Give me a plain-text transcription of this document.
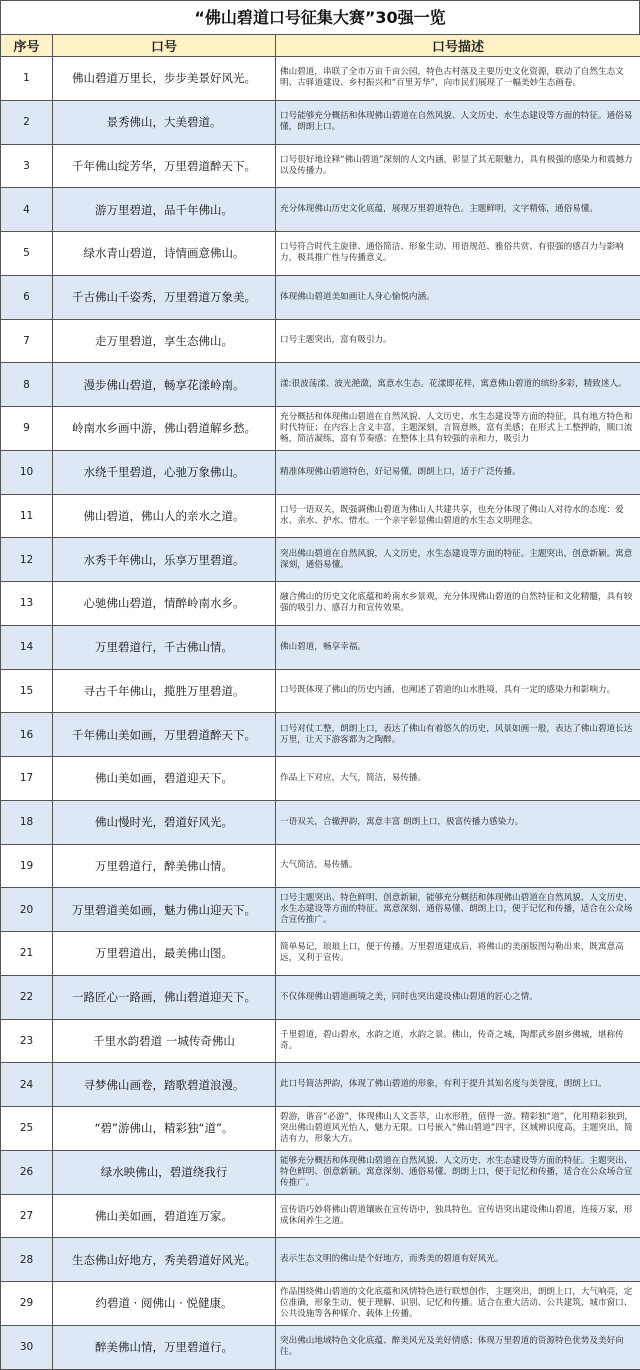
“佛山碧道口号征集大赛”30强一览
序号	口号	口号描述
1	佛山碧道万里长，步步美景好风光。	佛山碧道，串联了全市万亩千亩公园，特色古村落及主要历史文化资源，联动了自然生态文明、古驿道建设、乡村振兴和“百里芳华”，向市民们展现了一幅美妙生态画卷。
2	景秀佛山，大美碧道。	口号能够充分概括和体现佛山碧道在自然风貌、人文历史、水生态建设等方面的特征。通俗易懂，朗朗上口。
3	千年佛山绽芳华，万里碧道醉天下。	口号很好地诠释“佛山碧道”深刻的人文内涵，彰显了其无限魅力，具有极强的感染力和震撼力以及传播力。
4	游万里碧道，品千年佛山。	充分体现佛山历史文化底蕴，展现万里碧道特色。主题鲜明，文字精炼，通俗易懂。
5	绿水青山碧道，诗情画意佛山。	口号符合时代主旋律、通俗简洁、形象生动、用语规范、雅俗共赏、有很强的感召力与影响力，极具推广性与传播意义。
6	千古佛山千姿秀，万里碧道万象美。	体现佛山碧道美如画让人身心愉悦内涵。
7	走万里碧道，享生态佛山。	口号主题突出，富有吸引力。
8	漫步佛山碧道，畅享花漾岭南。	漾:很波荡漾、波光滟潋，寓意水生态。花漾即花样，寓意佛山碧道的缤纷多彩，精致迷人。
9	岭南水乡画中游，佛山碧道解乡愁。	充分概括和体现佛山碧道在自然风貌、人文历史、水生态建设等方面的特征，具有地方特色和时代特征；在内容上含义丰富，主题深刻，言简意赅，富有美感；在形式上工整押韵，顺口流畅，简洁凝练，富有节奏感；在整体上具有较强的亲和力，吸引力
10	水绕千里碧道，心驰万象佛山。	精准体现佛山碧道特色，好记易懂，朗朗上口，适于广泛传播。
11	佛山碧道，佛山人的亲水之道。	口号一语双关，既强调佛山碧道为佛山人共建共享，也充分体现了佛山人对待水的态度：爱水、亲水、护水、惜水。一个亲字彰显佛山碧道的水生态文明理念。
12	水秀千年佛山，乐享万里碧道。	突出佛山碧道在自然风貌，人文历史，水生态建设等方面的特征。主题突出，创意新颖。寓意深刻，通俗易懂。
13	心驰佛山碧道，情醉岭南水乡。	融合佛山的历史文化底蕴和岭南水乡景观，充分体现佛山碧道的自然特征和文化精髓，具有较强的吸引力、感召力和宣传效果。
14	万里碧道行，千古佛山情。	佛山碧道，畅享幸福。
15	寻古千年佛山，揽胜万里碧道。	口号既体现了佛山的历史内涵，也阐述了碧道的山水胜境，具有一定的感染力和影响力。
16	千年佛山美如画，万里碧道醉天下。	口号对仗工整，朗朗上口，表达了佛山有着悠久的历史，风景如画一般，表达了佛山碧道长达万里，让天下游客都为之陶醉。
17	佛山美如画，碧道迎天下。	作品上下对应，大气，简洁，易传播。
18	佛山慢时光，碧道好风光。	一语双关，合辙押韵，寓意丰富 朗朗上口，极富传播力感染力。
19	万里碧道行，醉美佛山情。	大气简洁，易传播。
20	万里碧道美如画，魅力佛山迎天下。	口号主题突出、特色鲜明、创意新颖，能够充分概括和体现佛山碧道在自然风貌、人文历史、水生态建设等方面的特征。寓意深刻、通俗易懂、朗朗上口，便于记忆和传播，适合在公众场合宣传推广。
21	万里碧道出，最美佛山图。	简单易记，琅琅上口，便于传播。万里碧道建成后，将佛山的美丽版图勾勒出来，既寓意高远，又利于宣传。
22	一路匠心一路画，佛山碧道迎天下。	不仅体现佛山碧道画境之美，同时也突出建设佛山碧道的匠心之情。
23	千里水韵碧道 一城传奇佛山	千里碧道，碧山碧水，水韵之道，水韵之景。佛山，传奇之城，陶都武乡剧乡佛城，堪称传奇。
24	寻梦佛山画卷，踏歌碧道浪漫。	此口号简洁押韵，体现了佛山碧道的形象，有利于提升其知名度与美誉度，朗朗上口。
25	“碧”游佛山，精彩独“道”。	碧游，谐音“必游”，体现佛山人文荟萃，山水形胜，值得一游。精彩独“道”，化用精彩独到，突出佛山碧道风光怡人，魅力无限。口号嵌入“佛山碧道”四字，区域辨识度高，主题突出，简洁有力，形象大方。
26	绿水映佛山，碧道绕我行	能够充分概括和体现佛山碧道在自然风貌、人文历史、水生态建设等方面的特征。主题突出、特色鲜明、创意新颖。寓意深刻、通俗易懂、朗朗上口，便于记忆和传播，适合在公众场合宣传推广。
27	佛山美如画，碧道连万家。	宣传语巧妙将佛山碧道镶嵌在宣传语中，独具特色。宣传语突出建设佛山碧道，连接万家，形成休闲养生之道。
28	生态佛山好地方，秀美碧道好风光。	表示生态文明的佛山是个好地方，而秀美的碧道有好风光。
29	约碧道 · 阅佛山 · 悦健康。	作品围绕佛山碧道的文化底蕴和风情特色进行联想创作，主题突出，朗朗上口，大气响亮，定位准确，形象生动，便于理解、识别、记忆和传播。适合在重大活动、公共建筑、城市窗口、公共设施等各种媒介、载体上传播。
30	醉美佛山情，万里碧道行。	突出佛山地域特色文化底蕴、醉美风光及美好情感；体现万里碧道的资源特色优势及美好向往。
